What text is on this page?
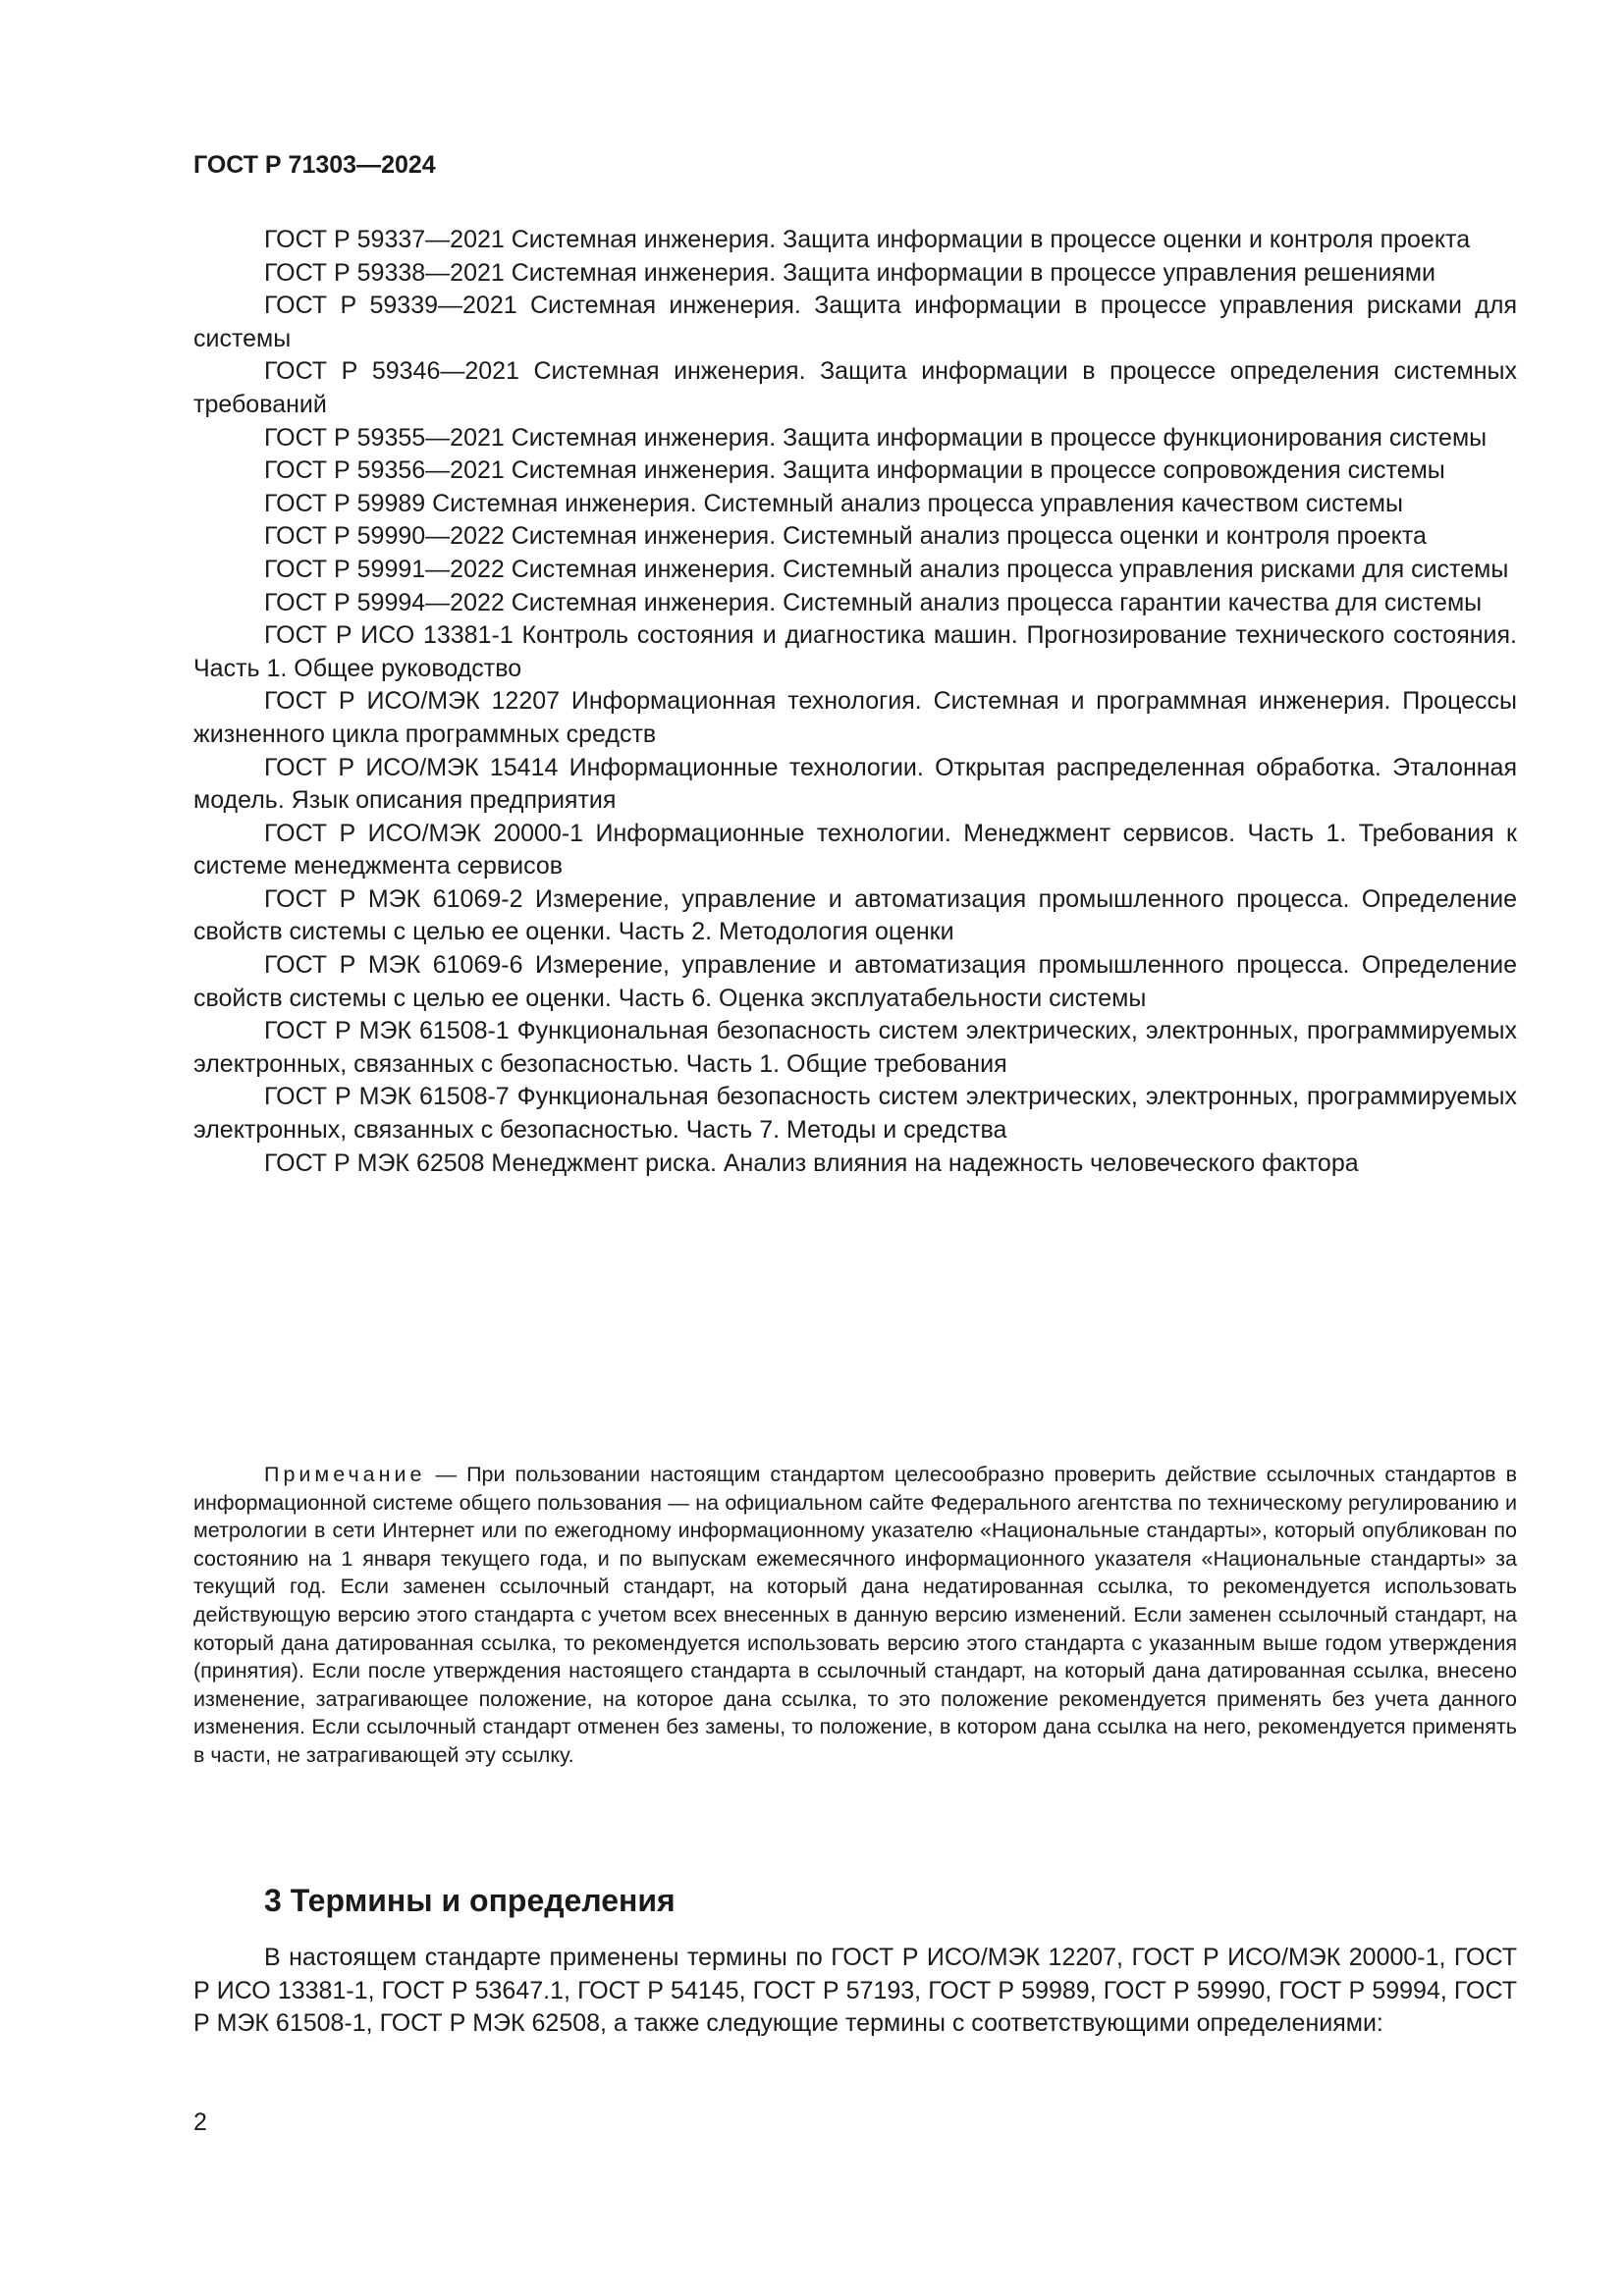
ГОСТ Р 71303—2024

ГОСТ Р 59337—2021 Системная инженерия. Защита информации в процессе оценки и контроля проекта
ГОСТ Р 59338—2021 Системная инженерия. Защита информации в процессе управления решениями
ГОСТ Р 59339—2021 Системная инженерия. Защита информации в процессе управления рисками для системы
ГОСТ Р 59346—2021 Системная инженерия. Защита информации в процессе определения системных требований
ГОСТ Р 59355—2021 Системная инженерия. Защита информации в процессе функционирования системы
ГОСТ Р 59356—2021 Системная инженерия. Защита информации в процессе сопровождения системы
ГОСТ Р 59989 Системная инженерия. Системный анализ процесса управления качеством системы
ГОСТ Р 59990—2022 Системная инженерия. Системный анализ процесса оценки и контроля проекта
ГОСТ Р 59991—2022 Системная инженерия. Системный анализ процесса управления рисками для системы
ГОСТ Р 59994—2022 Системная инженерия. Системный анализ процесса гарантии качества для системы
ГОСТ Р ИСО 13381-1 Контроль состояния и диагностика машин. Прогнозирование технического состояния. Часть 1. Общее руководство
ГОСТ Р ИСО/МЭК 12207 Информационная технология. Системная и программная инженерия. Процессы жизненного цикла программных средств
ГОСТ Р ИСО/МЭК 15414 Информационные технологии. Открытая распределенная обработка. Эталонная модель. Язык описания предприятия
ГОСТ Р ИСО/МЭК 20000-1 Информационные технологии. Менеджмент сервисов. Часть 1. Требования к системе менеджмента сервисов
ГОСТ Р МЭК 61069-2 Измерение, управление и автоматизация промышленного процесса. Определение свойств системы с целью ее оценки. Часть 2. Методология оценки
ГОСТ Р МЭК 61069-6 Измерение, управление и автоматизация промышленного процесса. Определение свойств системы с целью ее оценки. Часть 6. Оценка эксплуатабельности системы
ГОСТ Р МЭК 61508-1 Функциональная безопасность систем электрических, электронных, программируемых электронных, связанных с безопасностью. Часть 1. Общие требования
ГОСТ Р МЭК 61508-7 Функциональная безопасность систем электрических, электронных, программируемых электронных, связанных с безопасностью. Часть 7. Методы и средства
ГОСТ Р МЭК 62508 Менеджмент риска. Анализ влияния на надежность человеческого фактора

Примечание — При пользовании настоящим стандартом целесообразно проверить действие ссылочных стандартов в информационной системе общего пользования — на официальном сайте Федерального агентства по техническому регулированию и метрологии в сети Интернет или по ежегодному информационному указателю «Национальные стандарты», который опубликован по состоянию на 1 января текущего года, и по выпускам ежемесячного информационного указателя «Национальные стандарты» за текущий год. Если заменен ссылочный стандарт, на который дана недатированная ссылка, то рекомендуется использовать действующую версию этого стандарта с учетом всех внесенных в данную версию изменений. Если заменен ссылочный стандарт, на который дана датированная ссылка, то рекомендуется использовать версию этого стандарта с указанным выше годом утверждения (принятия). Если после утверждения настоящего стандарта в ссылочный стандарт, на который дана датированная ссылка, внесено изменение, затрагивающее положение, на которое дана ссылка, то это положение рекомендуется применять без учета данного изменения. Если ссылочный стандарт отменен без замены, то положение, в котором дана ссылка на него, рекомендуется применять в части, не затрагивающей эту ссылку.

3 Термины и определения

В настоящем стандарте применены термины по ГОСТ Р ИСО/МЭК 12207, ГОСТ Р ИСО/МЭК 20000-1, ГОСТ Р ИСО 13381-1, ГОСТ Р 53647.1, ГОСТ Р 54145, ГОСТ Р 57193, ГОСТ Р 59989, ГОСТ Р 59990, ГОСТ Р 59994, ГОСТ Р МЭК 61508-1, ГОСТ Р МЭК 62508, а также следующие термины с соответствующими определениями:

2
